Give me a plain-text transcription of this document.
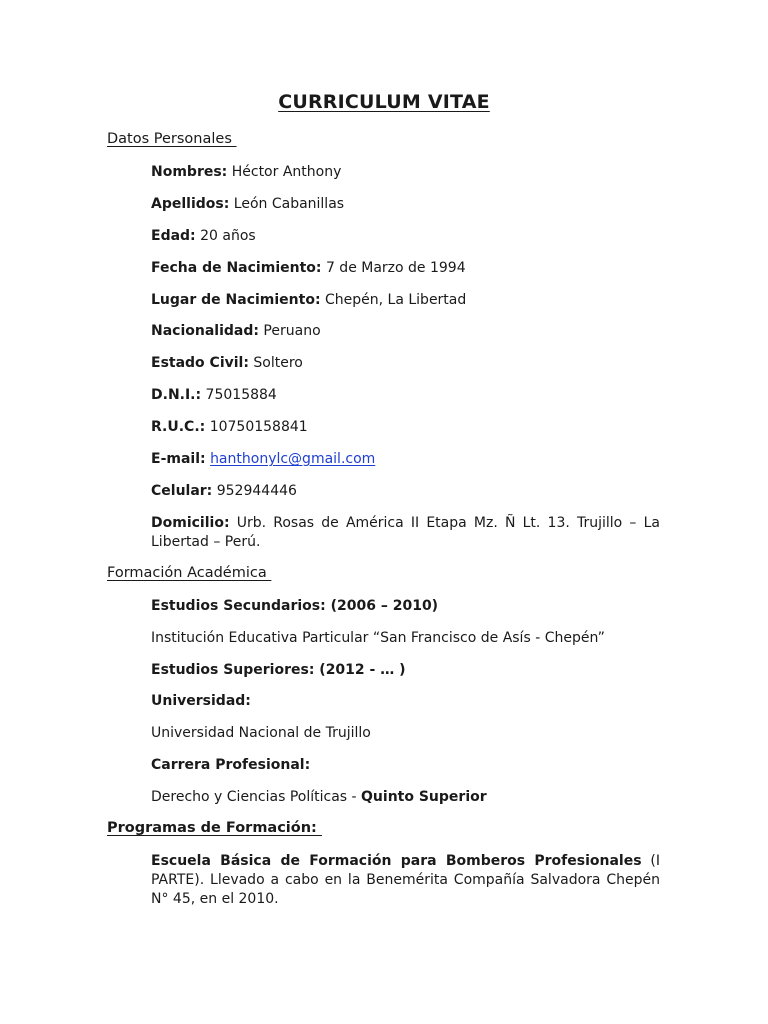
CURRICULUM VITAE
Datos Personales
Nombres: Héctor Anthony
Apellidos: León Cabanillas
Edad: 20 años
Fecha de Nacimiento: 7 de Marzo de 1994
Lugar de Nacimiento: Chepén, La Libertad
Nacionalidad: Peruano
Estado Civil: Soltero
D.N.I.: 75015884
R.U.C.: 10750158841
E-mail: hanthonylc@gmail.com
Celular: 952944446
Domicilio: Urb. Rosas de América II Etapa Mz. Ñ Lt. 13. Trujillo – La Libertad – Perú.
Formación Académica
Estudios Secundarios: (2006 – 2010)
Institución Educativa Particular “San Francisco de Asís - Chepén”
Estudios Superiores: (2012 - … )
Universidad:
Universidad Nacional de Trujillo
Carrera Profesional:
Derecho y Ciencias Políticas - Quinto Superior
Programas de Formación:
Escuela Básica de Formación para Bomberos Profesionales (I PARTE). Llevado a cabo en la Benemérita Compañía Salvadora Chepén N° 45, en el 2010.
